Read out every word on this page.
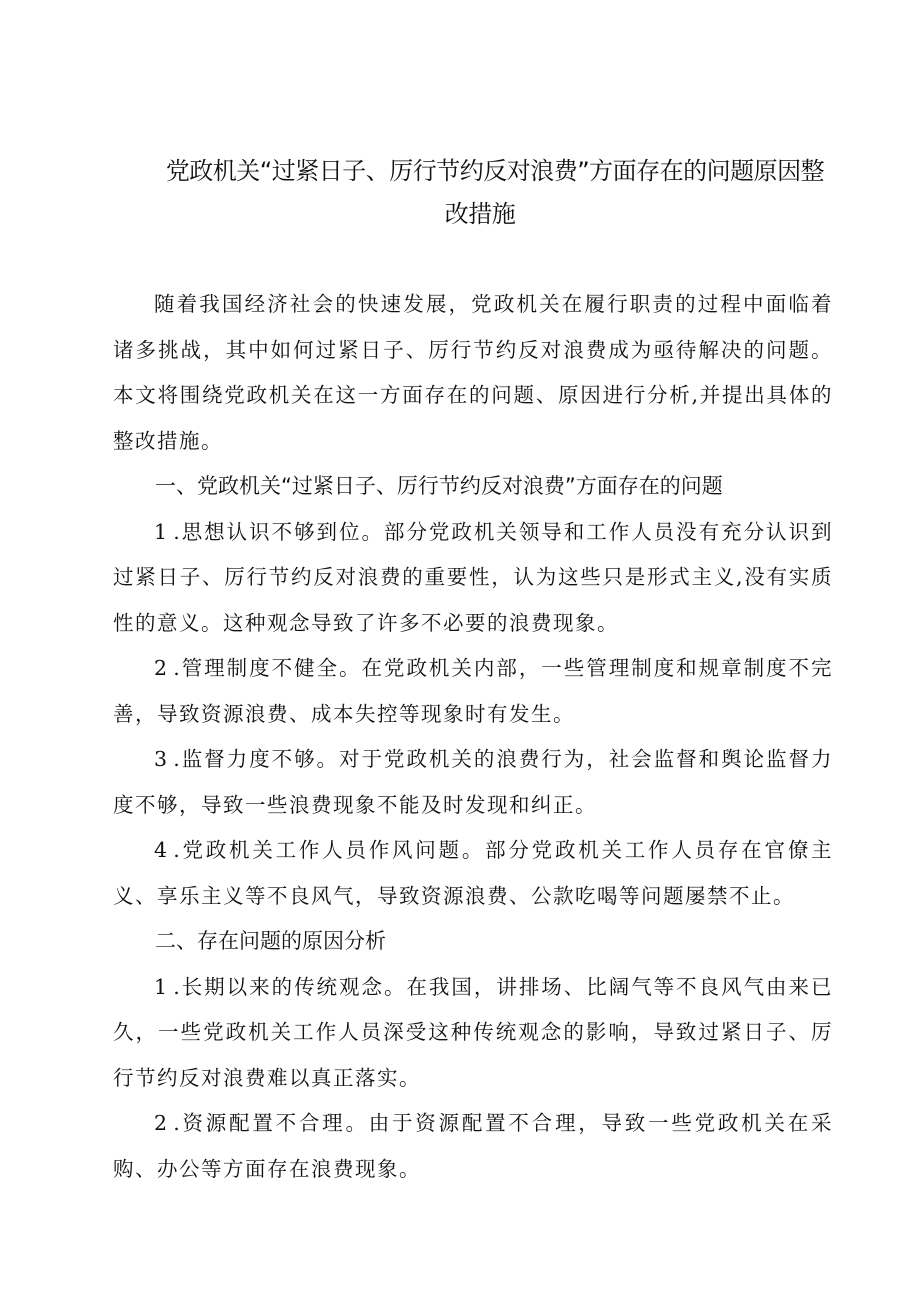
党政机关“过紧日子、厉行节约反对浪费”方面存在的问题原因整
改措施

随着我国经济社会的快速发展，党政机关在履行职责的过程中面临着诸多挑战，其中如何过紧日子、厉行节约反对浪费成为亟待解决的问题。本文将围绕党政机关在这一方面存在的问题、原因进行分析,并提出具体的整改措施。

一、党政机关“过紧日子、厉行节约反对浪费”方面存在的问题

1.思想认识不够到位。部分党政机关领导和工作人员没有充分认识到过紧日子、厉行节约反对浪费的重要性，认为这些只是形式主义,没有实质性的意义。这种观念导致了许多不必要的浪费现象。

2.管理制度不健全。在党政机关内部，一些管理制度和规章制度不完善，导致资源浪费、成本失控等现象时有发生。

3.监督力度不够。对于党政机关的浪费行为，社会监督和舆论监督力度不够，导致一些浪费现象不能及时发现和纠正。

4.党政机关工作人员作风问题。部分党政机关工作人员存在官僚主义、享乐主义等不良风气，导致资源浪费、公款吃喝等问题屡禁不止。

二、存在问题的原因分析

1.长期以来的传统观念。在我国，讲排场、比阔气等不良风气由来已久，一些党政机关工作人员深受这种传统观念的影响，导致过紧日子、厉行节约反对浪费难以真正落实。

2.资源配置不合理。由于资源配置不合理，导致一些党政机关在采购、办公等方面存在浪费现象。
